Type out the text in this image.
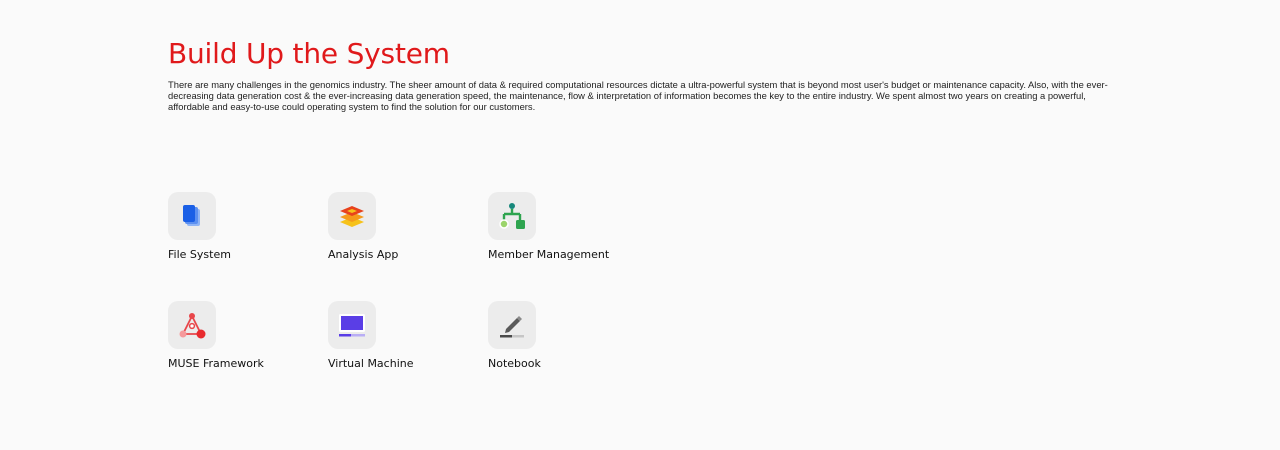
Build Up the System

There are many challenges in the genomics industry. The sheer amount of data & required computational resources dictate a ultra-powerful system that is beyond most user's budget or maintenance capacity. Also, with the ever-decreasing data generation cost & the ever-increasing data generation speed, the maintenance, flow & interpretation of information becomes the key to the entire industry. We spent almost two years on creating a powerful, affordable and easy-to-use could operating system to find the solution for our customers.

File System	Analysis App	Member Management
MUSE Framework	Virtual Machine	Notebook
